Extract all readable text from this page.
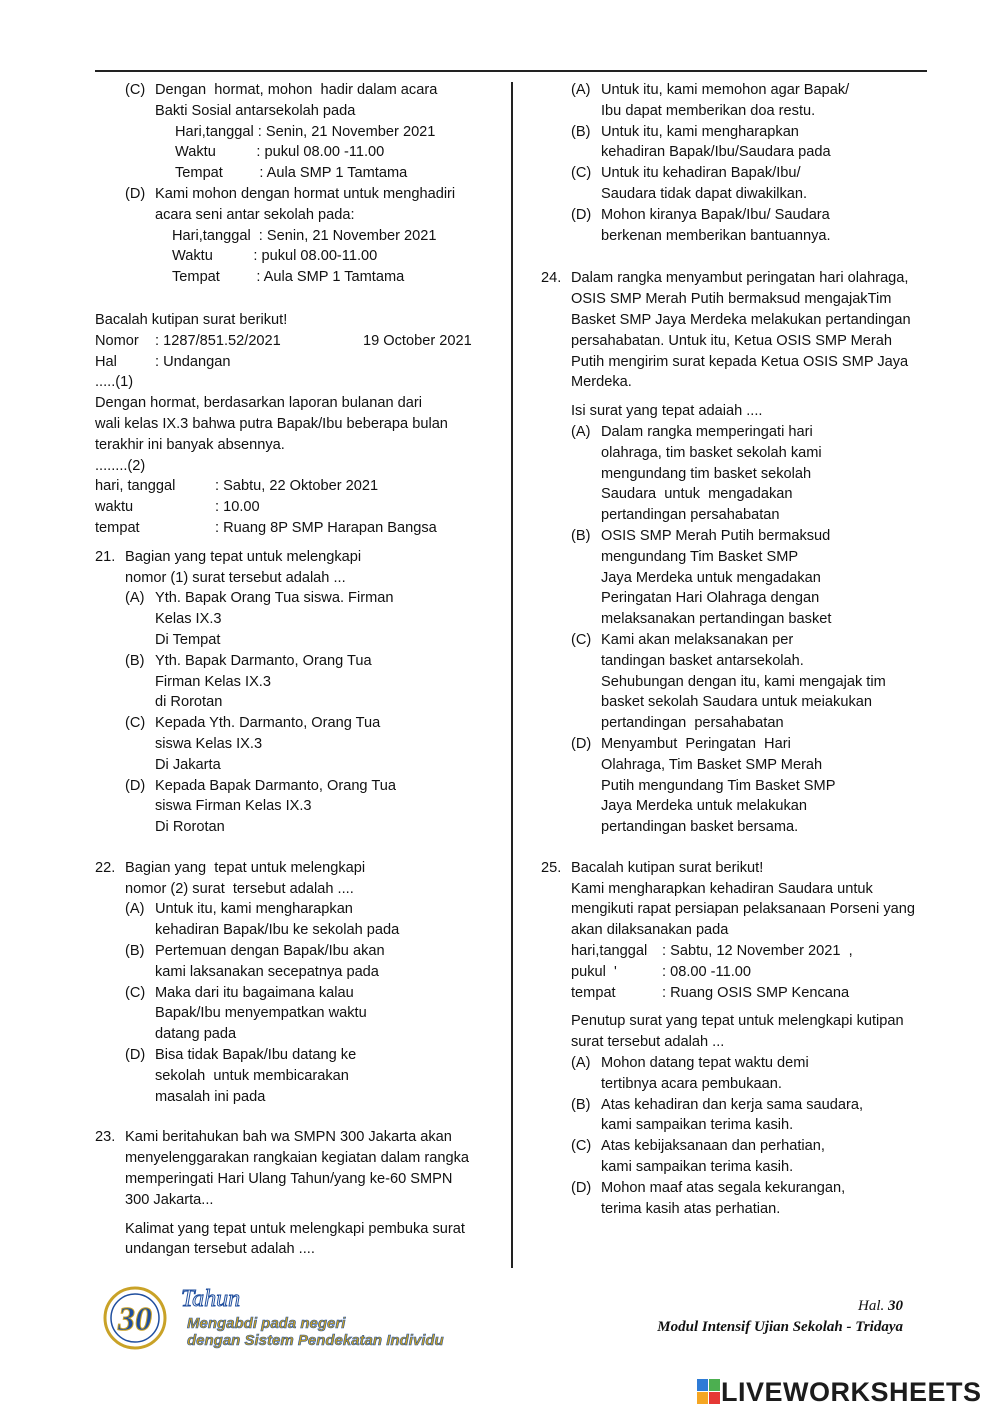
(C) Dengan  hormat, mohon  hadir dalam acara
Bakti Sosial antarsekolah pada
Hari,tanggal : Senin, 21 November 2021
Waktu          : pukul 08.00 -11.00
Tempat         : Aula SMP 1 Tamtama
(D) Kami mohon dengan hormat untuk menghadiri
acara seni antar sekolah pada:
Hari,tanggal  : Senin, 21 November 2021
Waktu          : pukul 08.00-11.00
Tempat         : Aula SMP 1 Tamtama
Bacalah kutipan surat berikut!
Nomor	: 1287/851.52/2021	19 October 2021
Hal	: Undangan
.....(1)
Dengan hormat, berdasarkan laporan bulanan dari
wali kelas IX.3 bahwa putra Bapak/Ibu beberapa bulan
terakhir ini banyak absennya.
........(2)
hari, tanggal	: Sabtu, 22 Oktober 2021
waktu	: 10.00
tempat	: Ruang 8P SMP Harapan Bangsa
21. Bagian yang tepat untuk melengkapi
nomor (1) surat tersebut adalah ...
(A) Yth. Bapak Orang Tua siswa. Firman
Kelas IX.3
Di Tempat
(B) Yth. Bapak Darmanto, Orang Tua
Firman Kelas IX.3
di Rorotan
(C) Kepada Yth. Darmanto, Orang Tua
siswa Kelas IX.3
Di Jakarta
(D) Kepada Bapak Darmanto, Orang Tua
siswa Firman Kelas IX.3
Di Rorotan
22. Bagian yang  tepat untuk melengkapi
nomor (2) surat  tersebut adalah ....
(A) Untuk itu, kami mengharapkan
kehadiran Bapak/Ibu ke sekolah pada
(B) Pertemuan dengan Bapak/Ibu akan
kami laksanakan secepatnya pada
(C) Maka dari itu bagaimana kalau
Bapak/Ibu menyempatkan waktu
datang pada
(D) Bisa tidak Bapak/Ibu datang ke
sekolah  untuk membicarakan
masalah ini pada
23. Kami beritahukan bah wa SMPN 300 Jakarta akan
menyelenggarakan rangkaian kegiatan dalam rangka
memperingati Hari Ulang Tahun/yang ke-60 SMPN
300 Jakarta...
Kalimat yang tepat untuk melengkapi pembuka surat
undangan tersebut adalah ....
(A) Untuk itu, kami memohon agar Bapak/
Ibu dapat memberikan doa restu.
(B) Untuk itu, kami mengharapkan
kehadiran Bapak/Ibu/Saudara pada
(C) Untuk itu kehadiran Bapak/Ibu/
Saudara tidak dapat diwakilkan.
(D) Mohon kiranya Bapak/Ibu/ Saudara
berkenan memberikan bantuannya.
24. Dalam rangka menyambut peringatan hari olahraga,
OSIS SMP Merah Putih bermaksud mengajakTim
Basket SMP Jaya Merdeka melakukan pertandingan
persahabatan. Untuk itu, Ketua OSIS SMP Merah
Putih mengirim surat kepada Ketua OSIS SMP Jaya
Merdeka.
Isi surat yang tepat adaiah ....
(A) Dalam rangka memperingati hari
olahraga, tim basket sekolah kami
mengundang tim basket sekolah
Saudara  untuk  mengadakan
pertandingan persahabatan
(B) OSIS SMP Merah Putih bermaksud
mengundang Tim Basket SMP
Jaya Merdeka untuk mengadakan
Peringatan Hari Olahraga dengan
melaksanakan pertandingan basket
(C) Kami akan melaksanakan per
tandingan basket antarsekolah.
Sehubungan dengan itu, kami mengajak tim
basket sekolah Saudara untuk meiakukan
pertandingan  persahabatan
(D) Menyambut  Peringatan  Hari
Olahraga, Tim Basket SMP Merah
Putih mengundang Tim Basket SMP
Jaya Merdeka untuk melakukan
pertandingan basket bersama.
25. Bacalah kutipan surat berikut!
Kami mengharapkan kehadiran Saudara untuk
mengikuti rapat persiapan pelaksanaan Porseni yang
akan dilaksanakan pada
hari,tanggal	: Sabtu, 12 November 2021  ,
pukul  '	: 08.00 -11.00
tempat	: Ruang OSIS SMP Kencana
Penutup surat yang tepat untuk melengkapi kutipan
surat tersebut adalah ...
(A) Mohon datang tepat waktu demi
tertibnya acara pembukaan.
(B) Atas kehadiran dan kerja sama saudara,
kami sampaikan terima kasih.
(C) Atas kebijaksanaan dan perhatian,
kami sampaikan terima kasih.
(D) Mohon maaf atas segala kekurangan,
terima kasih atas perhatian.
30
Tahun
Mengabdi pada negeri
dengan Sistem Pendekatan Individu
Hal. 30
Modul Intensif Ujian Sekolah - Tridaya
LIVEWORKSHEETS
